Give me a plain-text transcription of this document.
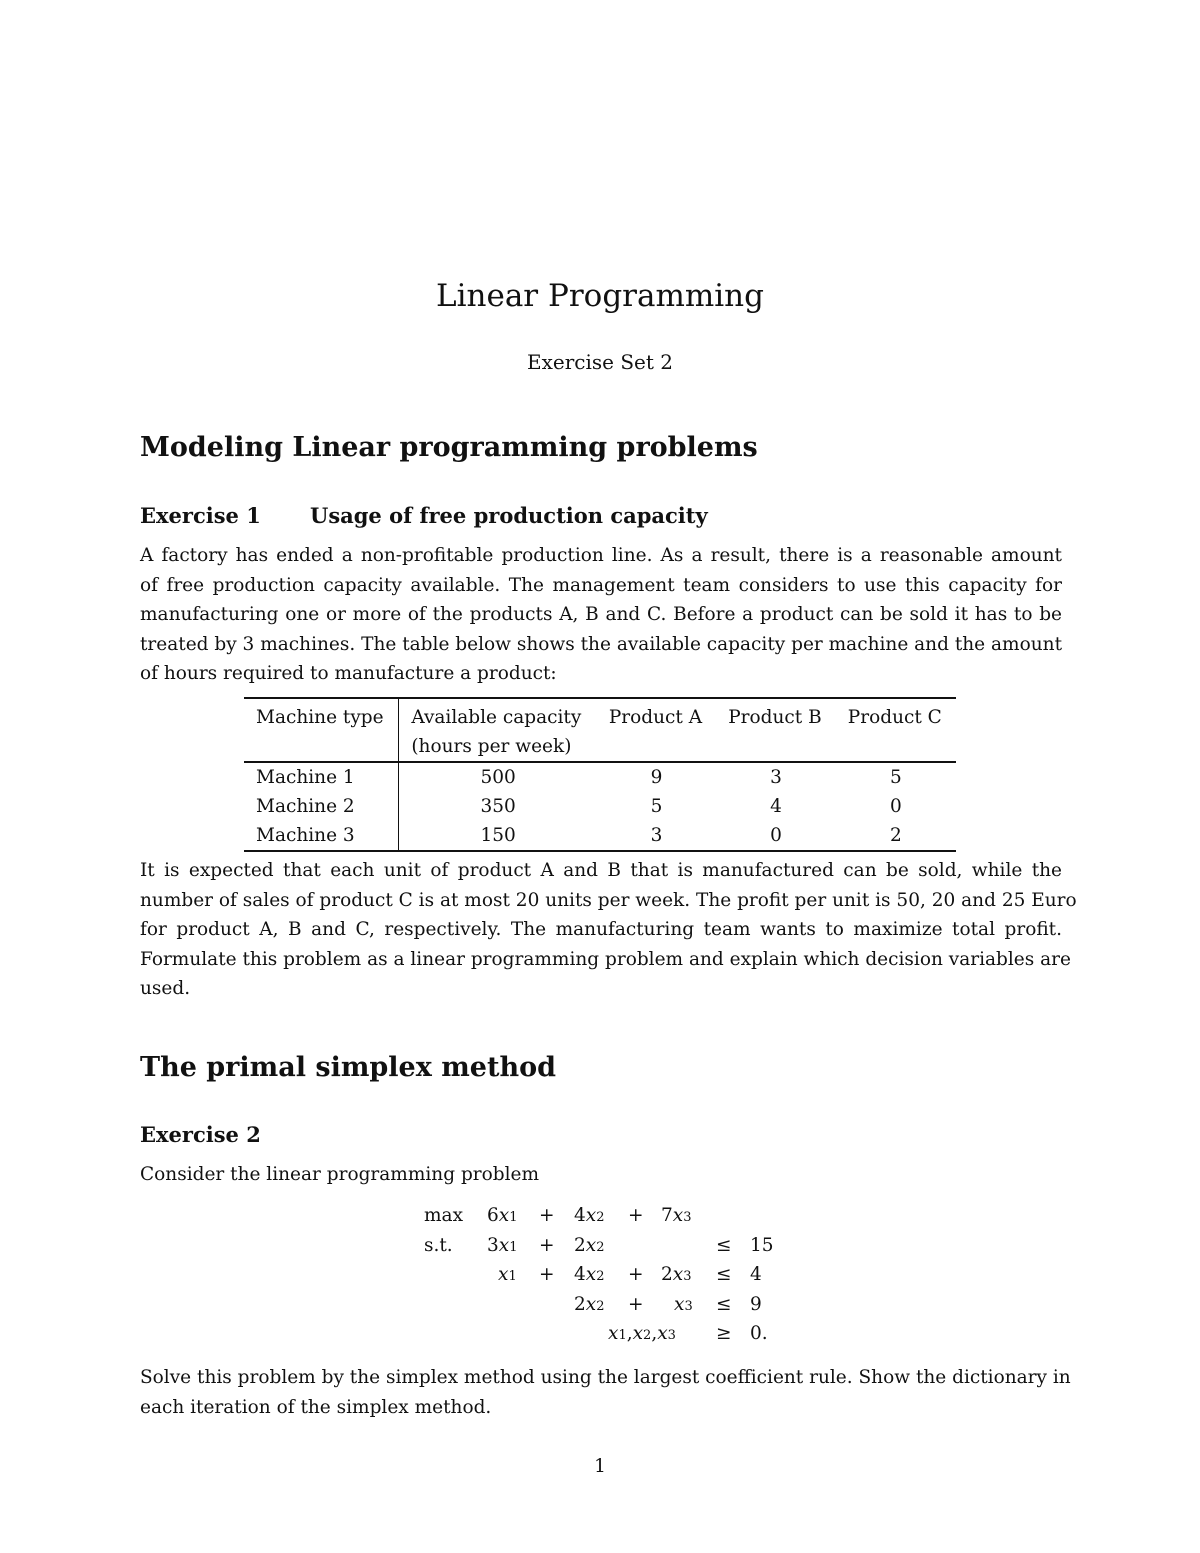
Linear Programming
Exercise Set 2
Modeling Linear programming problems
Exercise 1 Usage of free production capacity
A factory has ended a non-profitable production line. As a result, there is a reasonable amount
of free production capacity available. The management team considers to use this capacity for
manufacturing one or more of the products A, B and C. Before a product can be sold it has to be
treated by 3 machines. The table below shows the available capacity per machine and the amount
of hours required to manufacture a product:
Machine type	Available capacity	Product A	Product B	Product C
	(hours per week)			
Machine 1	500	9	3	5
Machine 2	350	5	4	0
Machine 3	150	3	0	2
It is expected that each unit of product A and B that is manufactured can be sold, while the
number of sales of product C is at most 20 units per week. The profit per unit is 50, 20 and 25 Euro
for product A, B and C, respectively. The manufacturing team wants to maximize total profit.
Formulate this problem as a linear programming problem and explain which decision variables are
used.
The primal simplex method
Exercise 2
Consider the linear programming problem
max 6x1 + 4x2 + 7x3
s.t. 3x1 + 2x2	≤ 15
x1 + 4x2 + 2x3 ≤ 4
2x2 + x3 ≤ 9
x1,x2,x3 ≥ 0.
Solve this problem by the simplex method using the largest coefficient rule. Show the dictionary in
each iteration of the simplex method.
1
